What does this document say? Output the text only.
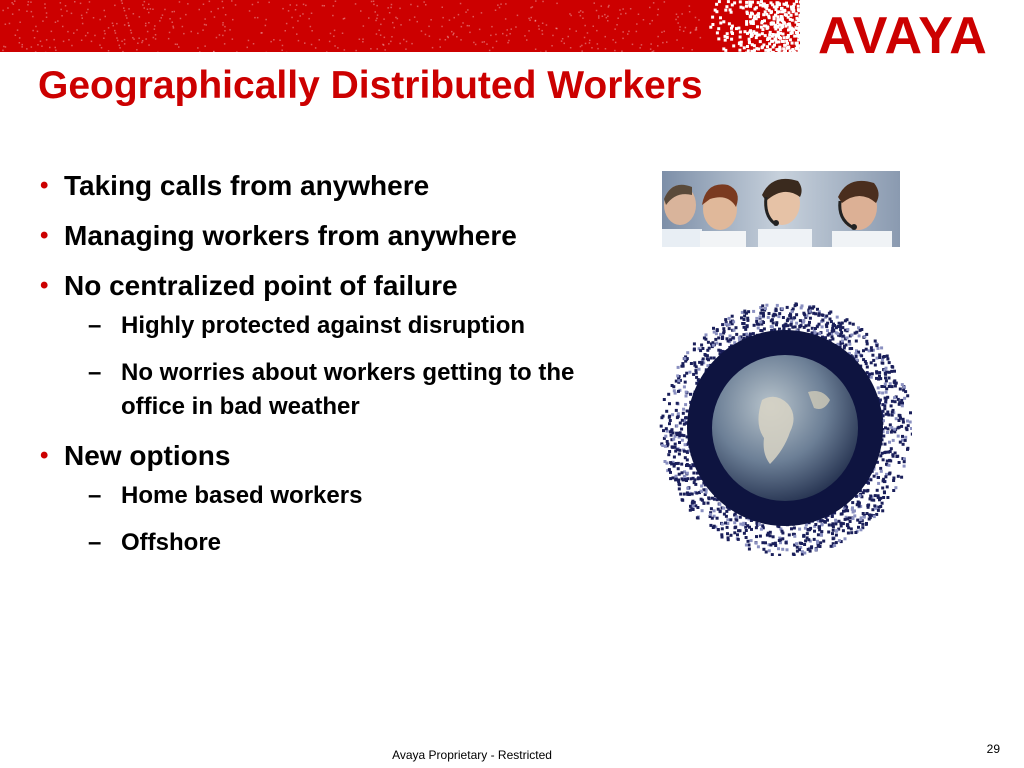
AVAYA
Geographically Distributed Workers
• Taking calls from anywhere
• Managing workers from anywhere
• No centralized point of failure
– Highly protected against disruption
– No worries about workers getting to the office in bad weather
• New options
– Home based workers
– Offshore
Avaya Proprietary - Restricted	29
